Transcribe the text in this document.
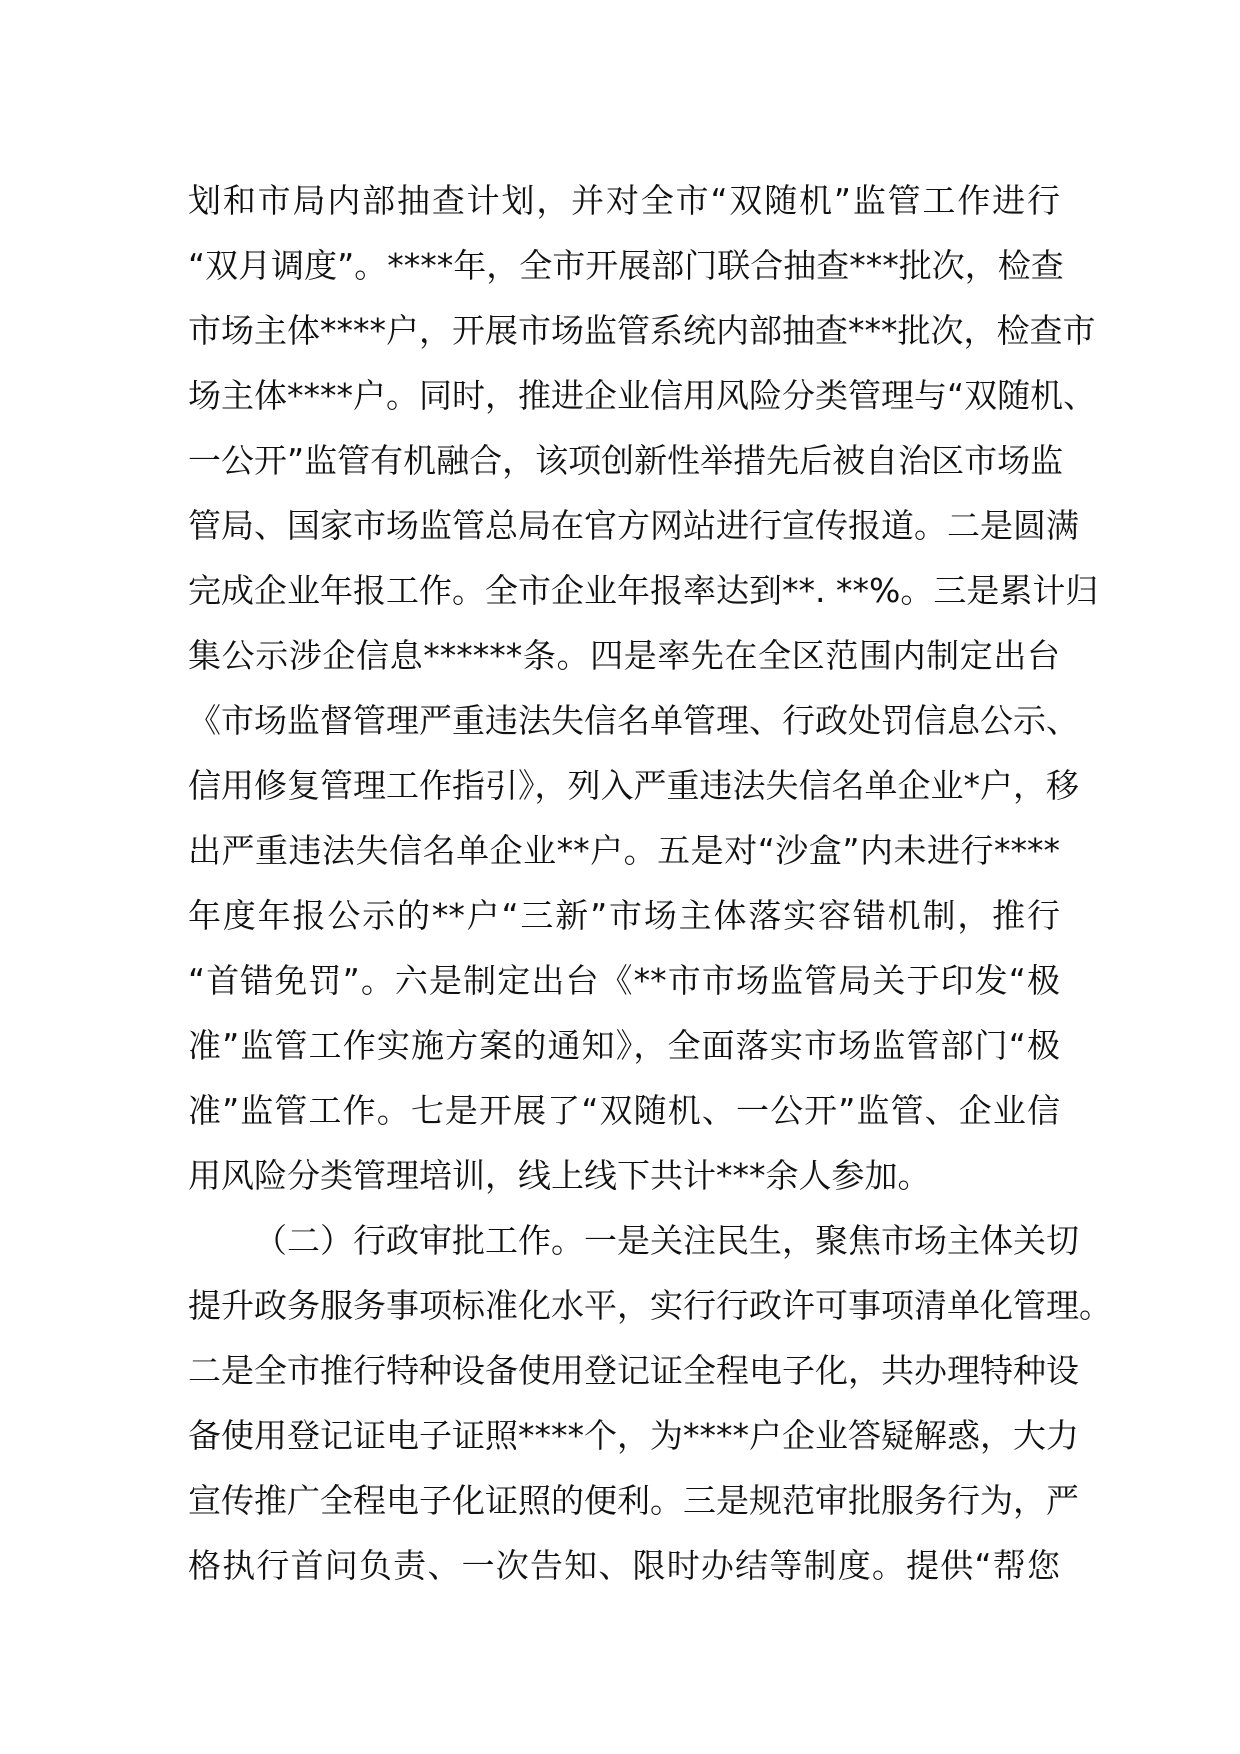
划和市局内部抽查计划，并对全市“双随机”监管工作进行
“双月调度”。****年，全市开展部门联合抽查***批次，检查
市场主体****户，开展市场监管系统内部抽查***批次，检查市
场主体****户。同时，推进企业信用风险分类管理与“双随机、
一公开”监管有机融合，该项创新性举措先后被自治区市场监
管局、国家市场监管总局在官方网站进行宣传报道。二是圆满
完成企业年报工作。全市企业年报率达到**. **%。三是累计归
集公示涉企信息******条。四是率先在全区范围内制定出台
《市场监督管理严重违法失信名单管理、行政处罚信息公示、
信用修复管理工作指引》，列入严重违法失信名单企业*户，移
出严重违法失信名单企业**户。五是对“沙盒”内未进行****
年度年报公示的**户“三新”市场主体落实容错机制，推行
“首错免罚”。六是制定出台《**市市场监管局关于印发“极
准”监管工作实施方案的通知》，全面落实市场监管部门“极
准”监管工作。七是开展了“双随机、一公开”监管、企业信
用风险分类管理培训，线上线下共计***余人参加。
（二）行政审批工作。一是关注民生，聚焦市场主体关切
提升政务服务事项标准化水平，实行行政许可事项清单化管理。
二是全市推行特种设备使用登记证全程电子化，共办理特种设
备使用登记证电子证照****个，为****户企业答疑解惑，大力
宣传推广全程电子化证照的便利。三是规范审批服务行为，严
格执行首问负责、一次告知、限时办结等制度。提供“帮您
